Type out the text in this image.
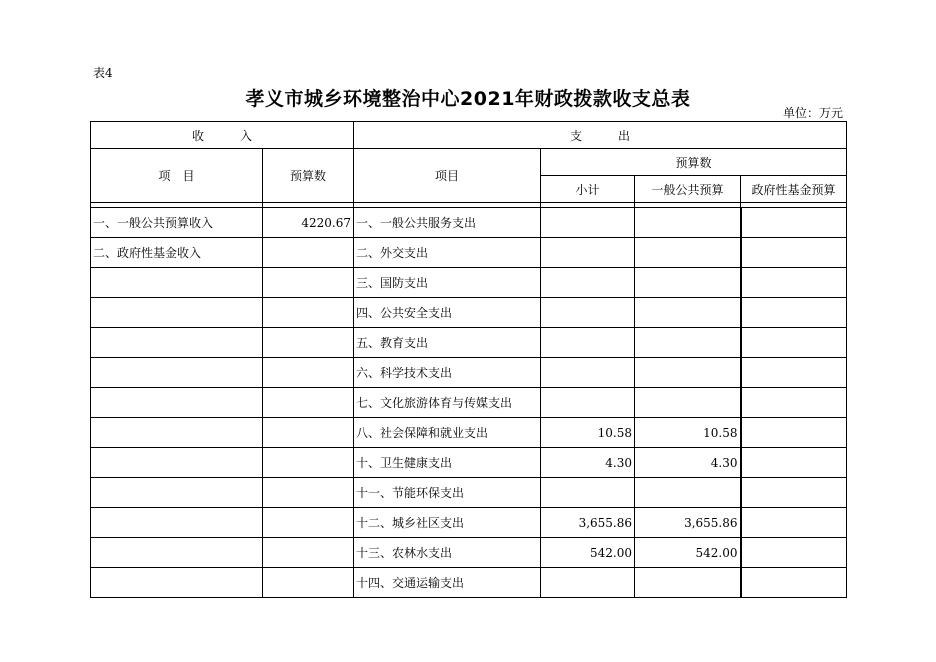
表4
孝义市城乡环境整治中心2021年财政拨款收支总表
单位：万元
收　　　入		支　　　出			
项　目	预算数	项目	预算数		
			小计	一般公共预算	政府性基金预算

一、一般公共预算收入	4220.67	一、一般公共服务支出			
二、政府性基金收入		二、外交支出			
		三、国防支出			
		四、公共安全支出			
		五、教育支出			
		六、科学技术支出			
		七、文化旅游体育与传媒支出			
		八、社会保障和就业支出	10.58	10.58	
		十、卫生健康支出	4.30	4.30	
		十一、节能环保支出			
		十二、城乡社区支出	3,655.86	3,655.86	
		十三、农林水支出	542.00	542.00	
		十四、交通运输支出			
